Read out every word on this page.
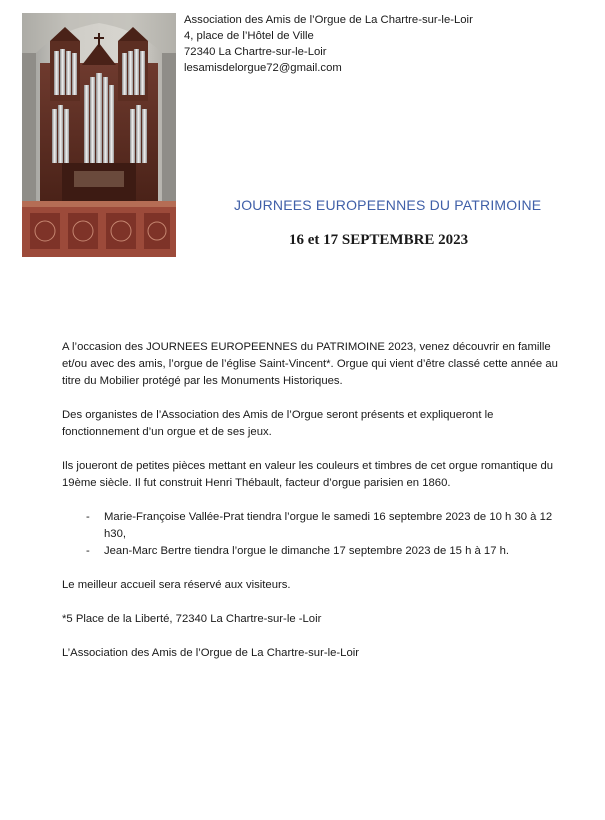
Association des Amis de l’Orgue de La Chartre-sur-le-Loir
4, place de l’Hôtel de Ville
72340 La Chartre-sur-le-Loir
lesamisdelorgue72@gmail.com
JOURNEES EUROPEENNES DU PATRIMOINE
16 et 17 SEPTEMBRE 2023

A l’occasion des JOURNEES EUROPEENNES du PATRIMOINE 2023, venez découvrir en famille et/ou avec des amis, l’orgue de l’église Saint-Vincent*. Orgue qui vient d’être classé cette année au titre du Mobilier protégé par les Monuments Historiques.

Des organistes de l’Association des Amis de l’Orgue seront présents et expliqueront le fonctionnement d’un orgue et de ses jeux.

Ils joueront de petites pièces mettant en valeur les couleurs et timbres de cet orgue romantique du 19ème siècle. Il fut construit Henri Thébault, facteur d’orgue parisien en 1860.

- Marie-Françoise Vallée-Prat tiendra l’orgue le samedi 16 septembre 2023 de 10 h 30 à 12 h30,
- Jean-Marc Bertre tiendra l’orgue le dimanche 17 septembre 2023 de 15 h à 17 h.

Le meilleur accueil sera réservé aux visiteurs.

*5 Place de la Liberté, 72340 La Chartre-sur-le -Loir

L’Association des Amis de l’Orgue de La Chartre-sur-le-Loir
